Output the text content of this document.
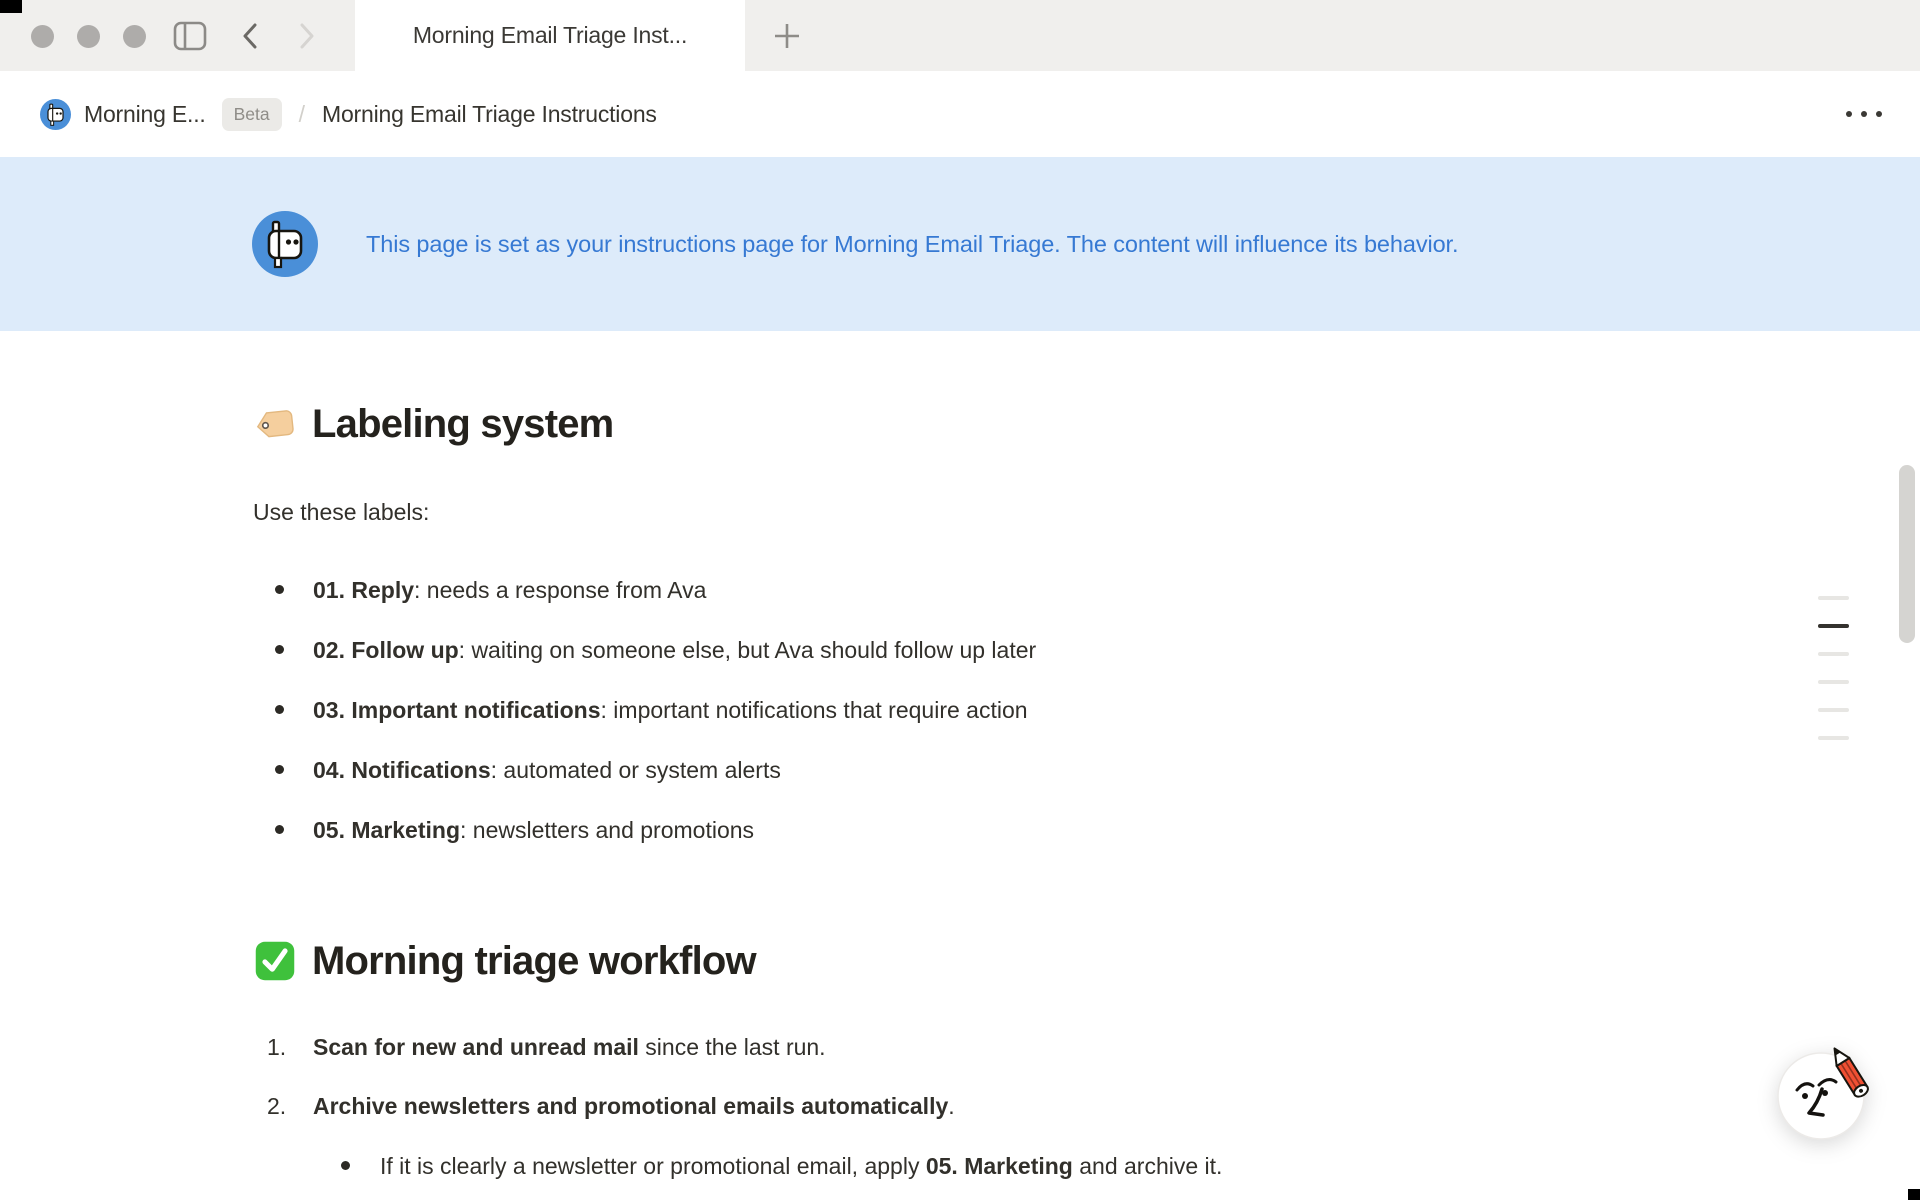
Morning Email Triage Inst...
Morning E...	Beta	/ Morning Email Triage Instructions
This page is set as your instructions page for Morning Email Triage. The content will influence its behavior.
Labeling system

Use these labels:

01. Reply: needs a response from Ava
02. Follow up: waiting on someone else, but Ava should follow up later
03. Important notifications: important notifications that require action
04. Notifications: automated or system alerts
05. Marketing: newsletters and promotions
Morning triage workflow
1. Scan for new and unread mail since the last run.
2. Archive newsletters and promotional emails automatically.
If it is clearly a newsletter or promotional email, apply 05. Marketing and archive it.
